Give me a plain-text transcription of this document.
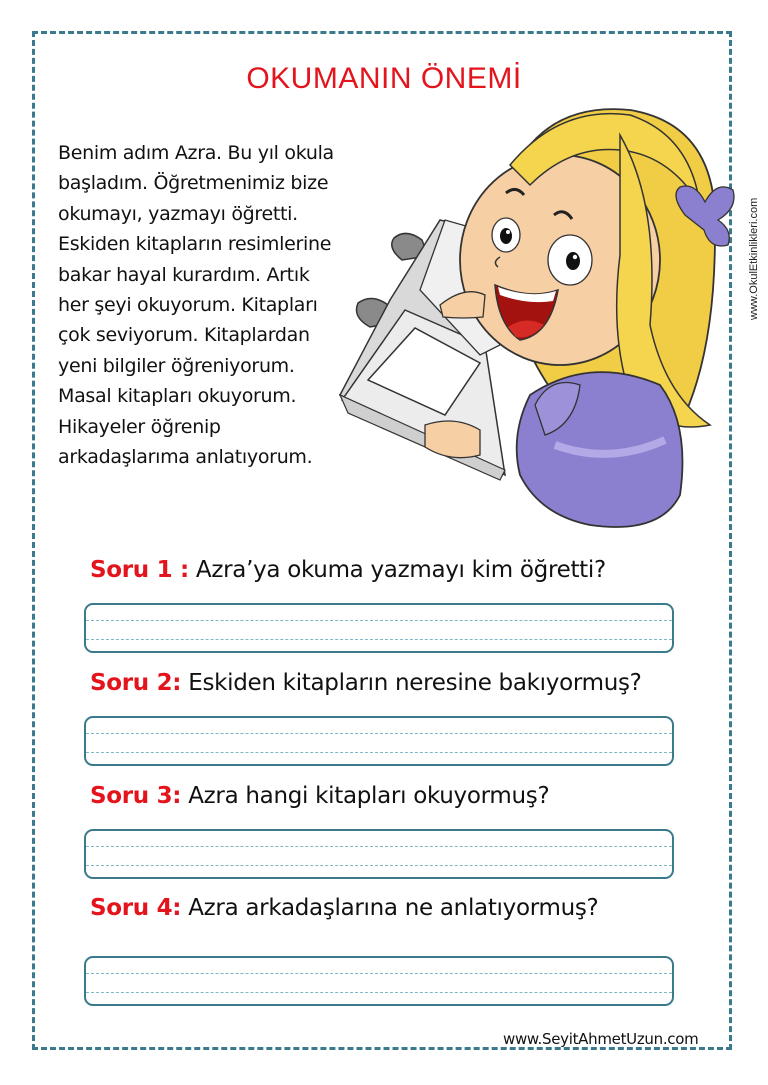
OKUMANIN ÖNEMİ
Benim adım Azra. Bu yıl okula
başladım. Öğretmenimiz bize
okumayı, yazmayı öğretti.
Eskiden kitapların resimlerine
bakar hayal kurardım. Artık
her şeyi okuyorum. Kitapları
çok seviyorum. Kitaplardan
yeni bilgiler öğreniyorum.
Masal kitapları okuyorum.
Hikayeler öğrenip
arkadaşlarıma anlatıyorum.
www.OkulEtkinlikleri.com
Soru 1 : Azra’ya okuma yazmayı kim öğretti?
Soru 2: Eskiden kitapların neresine bakıyormuş?
Soru 3: Azra hangi kitapları okuyormuş?
Soru 4: Azra arkadaşlarına ne anlatıyormuş?
www.SeyitAhmetUzun.com
